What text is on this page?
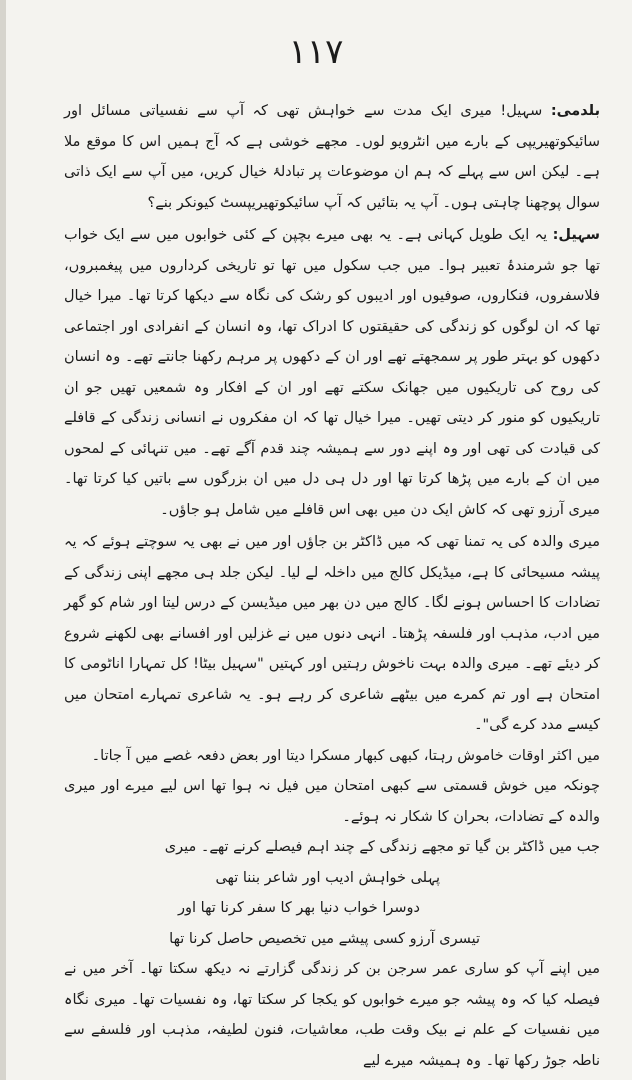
۱۱۷

بلدمی: سہیل! میری ایک مدت سے خواہش تھی کہ آپ سے نفسیاتی مسائل اور سائیکوتھیریپی کے بارے میں انٹرویو لوں۔ مجھے خوشی ہے کہ آج ہمیں اس کا موقع ملا ہے۔ لیکن اس سے پہلے کہ ہم ان موضوعات پر تبادلۂ خیال کریں، میں آپ سے ایک ذاتی سوال پوچھنا چاہتی ہوں۔ آپ یہ بتائیں کہ آپ سائیکوتھیریپسٹ کیونکر بنے؟

سہیل: یہ ایک طویل کہانی ہے۔ یہ بھی میرے بچپن کے کئی خوابوں میں سے ایک خواب تھا جو شرمندۂ تعبیر ہوا۔ میں جب سکول میں تھا تو تاریخی کرداروں میں پیغمبروں، فلاسفروں، فنکاروں، صوفیوں اور ادیبوں کو رشک کی نگاہ سے دیکھا کرتا تھا۔ میرا خیال تھا کہ ان لوگوں کو زندگی کی حقیقتوں کا ادراک تھا، وہ انسان کے انفرادی اور اجتماعی دکھوں کو بہتر طور پر سمجھتے تھے اور ان کے دکھوں پر مرہم رکھنا جانتے تھے۔ وہ انسان کی روح کی تاریکیوں میں جھانک سکتے تھے اور ان کے افکار وہ شمعیں تھیں جو ان تاریکیوں کو منور کر دیتی تھیں۔ میرا خیال تھا کہ ان مفکروں نے انسانی زندگی کے قافلے کی قیادت کی تھی اور وہ اپنے دور سے ہمیشہ چند قدم آگے تھے۔ میں تنہائی کے لمحوں میں ان کے بارے میں پڑھا کرتا تھا اور دل ہی دل میں ان بزرگوں سے باتیں کیا کرتا تھا۔ میری آرزو تھی کہ کاش ایک دن میں بھی اس قافلے میں شامل ہو جاؤں۔

میری والدہ کی یہ تمنا تھی کہ میں ڈاکٹر بن جاؤں اور میں نے بھی یہ سوچتے ہوئے کہ یہ پیشہ مسیحائی کا ہے، میڈیکل کالج میں داخلہ لے لیا۔ لیکن جلد ہی مجھے اپنی زندگی کے تضادات کا احساس ہونے لگا۔ کالج میں دن بھر میں میڈیسن کے درس لیتا اور شام کو گھر میں ادب، مذہب اور فلسفہ پڑھتا۔ انہی دنوں میں نے غزلیں اور افسانے بھی لکھنے شروع کر دیئے تھے۔ میری والدہ بہت ناخوش رہتیں اور کہتیں "سہیل بیٹا! کل تمہارا اناٹومی کا امتحان ہے اور تم کمرے میں بیٹھے شاعری کر رہے ہو۔ یہ شاعری تمہارے امتحان میں کیسے مدد کرے گی"۔

میں اکثر اوقات خاموش رہتا، کبھی کبھار مسکرا دیتا اور بعض دفعہ غصے میں آ جاتا۔

چونکہ میں خوش قسمتی سے کبھی امتحان میں فیل نہ ہوا تھا اس لیے میرے اور میری والدہ کے تضادات، بحران کا شکار نہ ہوئے۔

جب میں ڈاکٹر بن گیا تو مجھے زندگی کے چند اہم فیصلے کرنے تھے۔ میری

پہلی خواہش ادیب اور شاعر بننا تھی
دوسرا خواب دنیا بھر کا سفر کرنا تھا اور
تیسری آرزو کسی پیشے میں تخصیص حاصل کرنا تھا

میں اپنے آپ کو ساری عمر سرجن بن کر زندگی گزارتے نہ دیکھ سکتا تھا۔ آخر میں نے فیصلہ کیا کہ وہ پیشہ جو میرے خوابوں کو یکجا کر سکتا تھا، وہ نفسیات تھا۔ میری نگاہ میں نفسیات کے علم نے بیک وقت طب، معاشیات، فنون لطیفہ، مذہب اور فلسفے سے ناطہ جوڑ رکھا تھا۔ وہ ہمیشہ میرے لیے
